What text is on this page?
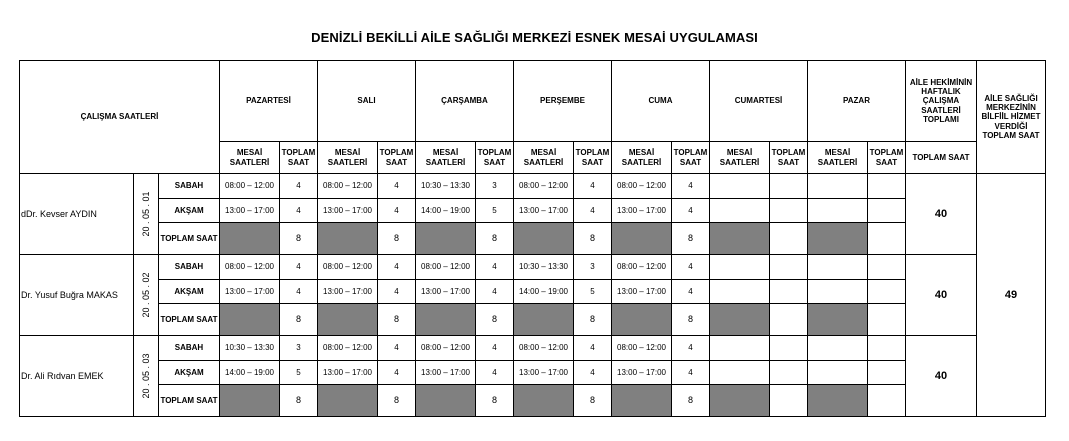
DENİZLİ BEKİLLİ AİLE SAĞLIĞI MERKEZİ ESNEK MESAİ UYGULAMASI
ÇALIŞMA SAATLERİ			PAZARTESİ		SALI		ÇARŞAMBA		PERŞEMBE		CUMA		CUMARTESİ		PAZAR		AİLE HEKİMİNİN HAFTALIK ÇALIŞMA SAATLERİ TOPLAMI	AİLE SAĞLIĞI MERKEZİNİN BİLFİİL HİZMET VERDİĞİ TOPLAM SAAT
			MESAİ SAATLERİ	TOPLAM SAAT	MESAİ SAATLERİ	TOPLAM SAAT	MESAİ SAATLERİ	TOPLAM SAAT	MESAİ SAATLERİ	TOPLAM SAAT	MESAİ SAATLERİ	TOPLAM SAAT	MESAİ SAATLERİ	TOPLAM SAAT	MESAİ SAATLERİ	TOPLAM SAAT	TOPLAM SAAT	
dDr. Kevser AYDIN	20 . 05 . 01	SABAH	08:00 – 12:00	4	08:00 – 12:00	4	10:30 – 13:30	3	08:00 – 12:00	4	08:00 – 12:00	4					40	49
		AKŞAM	13:00 – 17:00	4	13:00 – 17:00	4	14:00 – 19:00	5	13:00 – 17:00	4	13:00 – 17:00	4						
		TOPLAM SAAT		8		8		8		8		8						
Dr. Yusuf Buğra MAKAS	20 . 05 . 02	SABAH	08:00 – 12:00	4	08:00 – 12:00	4	08:00 – 12:00	4	10:30 – 13:30	3	08:00 – 12:00	4					40	
		AKŞAM	13:00 – 17:00	4	13:00 – 17:00	4	13:00 – 17:00	4	14:00 – 19:00	5	13:00 – 17:00	4						
		TOPLAM SAAT		8		8		8		8		8						
Dr. Ali Rıdvan EMEK	20 . 05 . 03	SABAH	10:30 – 13:30	3	08:00 – 12:00	4	08:00 – 12:00	4	08:00 – 12:00	4	08:00 – 12:00	4					40	
		AKŞAM	14:00 – 19:00	5	13:00 – 17:00	4	13:00 – 17:00	4	13:00 – 17:00	4	13:00 – 17:00	4						
		TOPLAM SAAT		8		8		8		8		8						
